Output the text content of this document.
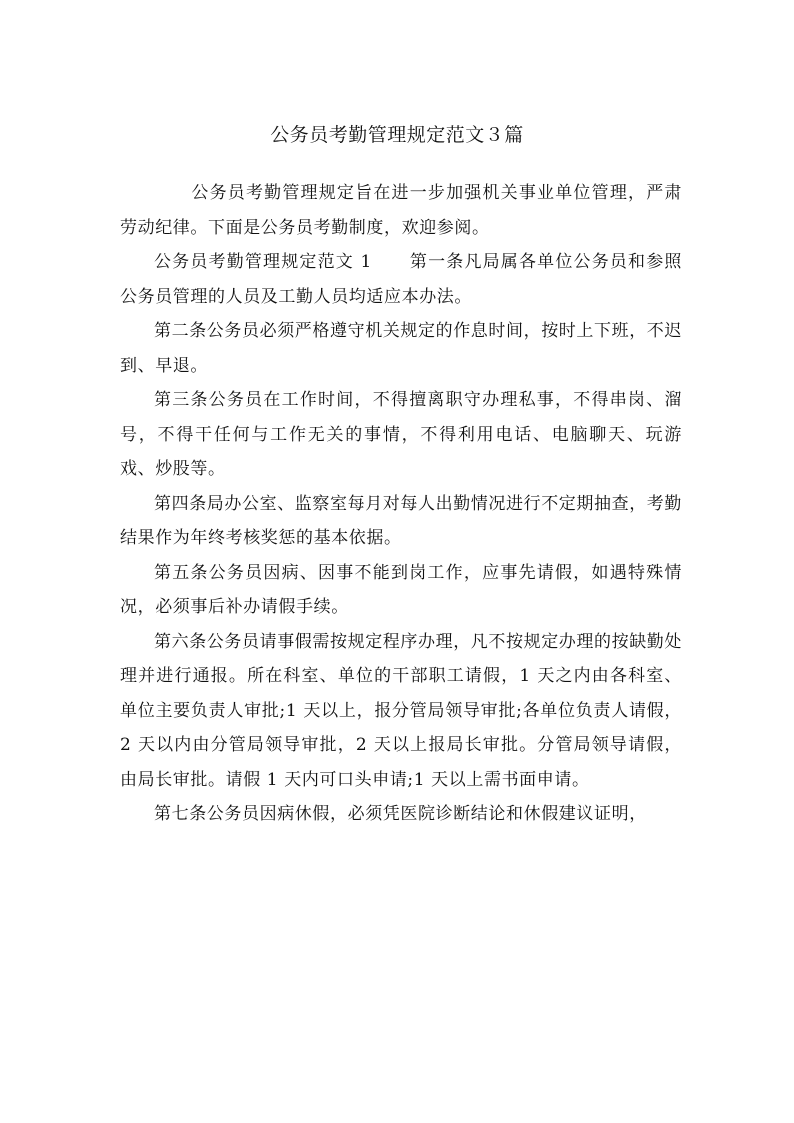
公务员考勤管理规定范文３篇

公务员考勤管理规定旨在进一步加强机关事业单位管理，严肃劳动纪律。下面是公务员考勤制度，欢迎参阅。

公务员考勤管理规定范文 1 第一条凡局属各单位公务员和参照公务员管理的人员及工勤人员均适应本办法。

第二条公务员必须严格遵守机关规定的作息时间，按时上下班，不迟到、早退。

第三条公务员在工作时间，不得擅离职守办理私事，不得串岗、溜号，不得干任何与工作无关的事情，不得利用电话、电脑聊天、玩游戏、炒股等。

第四条局办公室、监察室每月对每人出勤情况进行不定期抽查，考勤结果作为年终考核奖惩的基本依据。

第五条公务员因病、因事不能到岗工作，应事先请假，如遇特殊情况，必须事后补办请假手续。

第六条公务员请事假需按规定程序办理，凡不按规定办理的按缺勤处理并进行通报。所在科室、单位的干部职工请假，1 天之内由各科室、单位主要负责人审批;1 天以上，报分管局领导审批;各单位负责人请假，2 天以内由分管局领导审批，2 天以上报局长审批。分管局领导请假，由局长审批。请假 1 天内可口头申请;1 天以上需书面申请。

第七条公务员因病休假，必须凭医院诊断结论和休假建议证明，
